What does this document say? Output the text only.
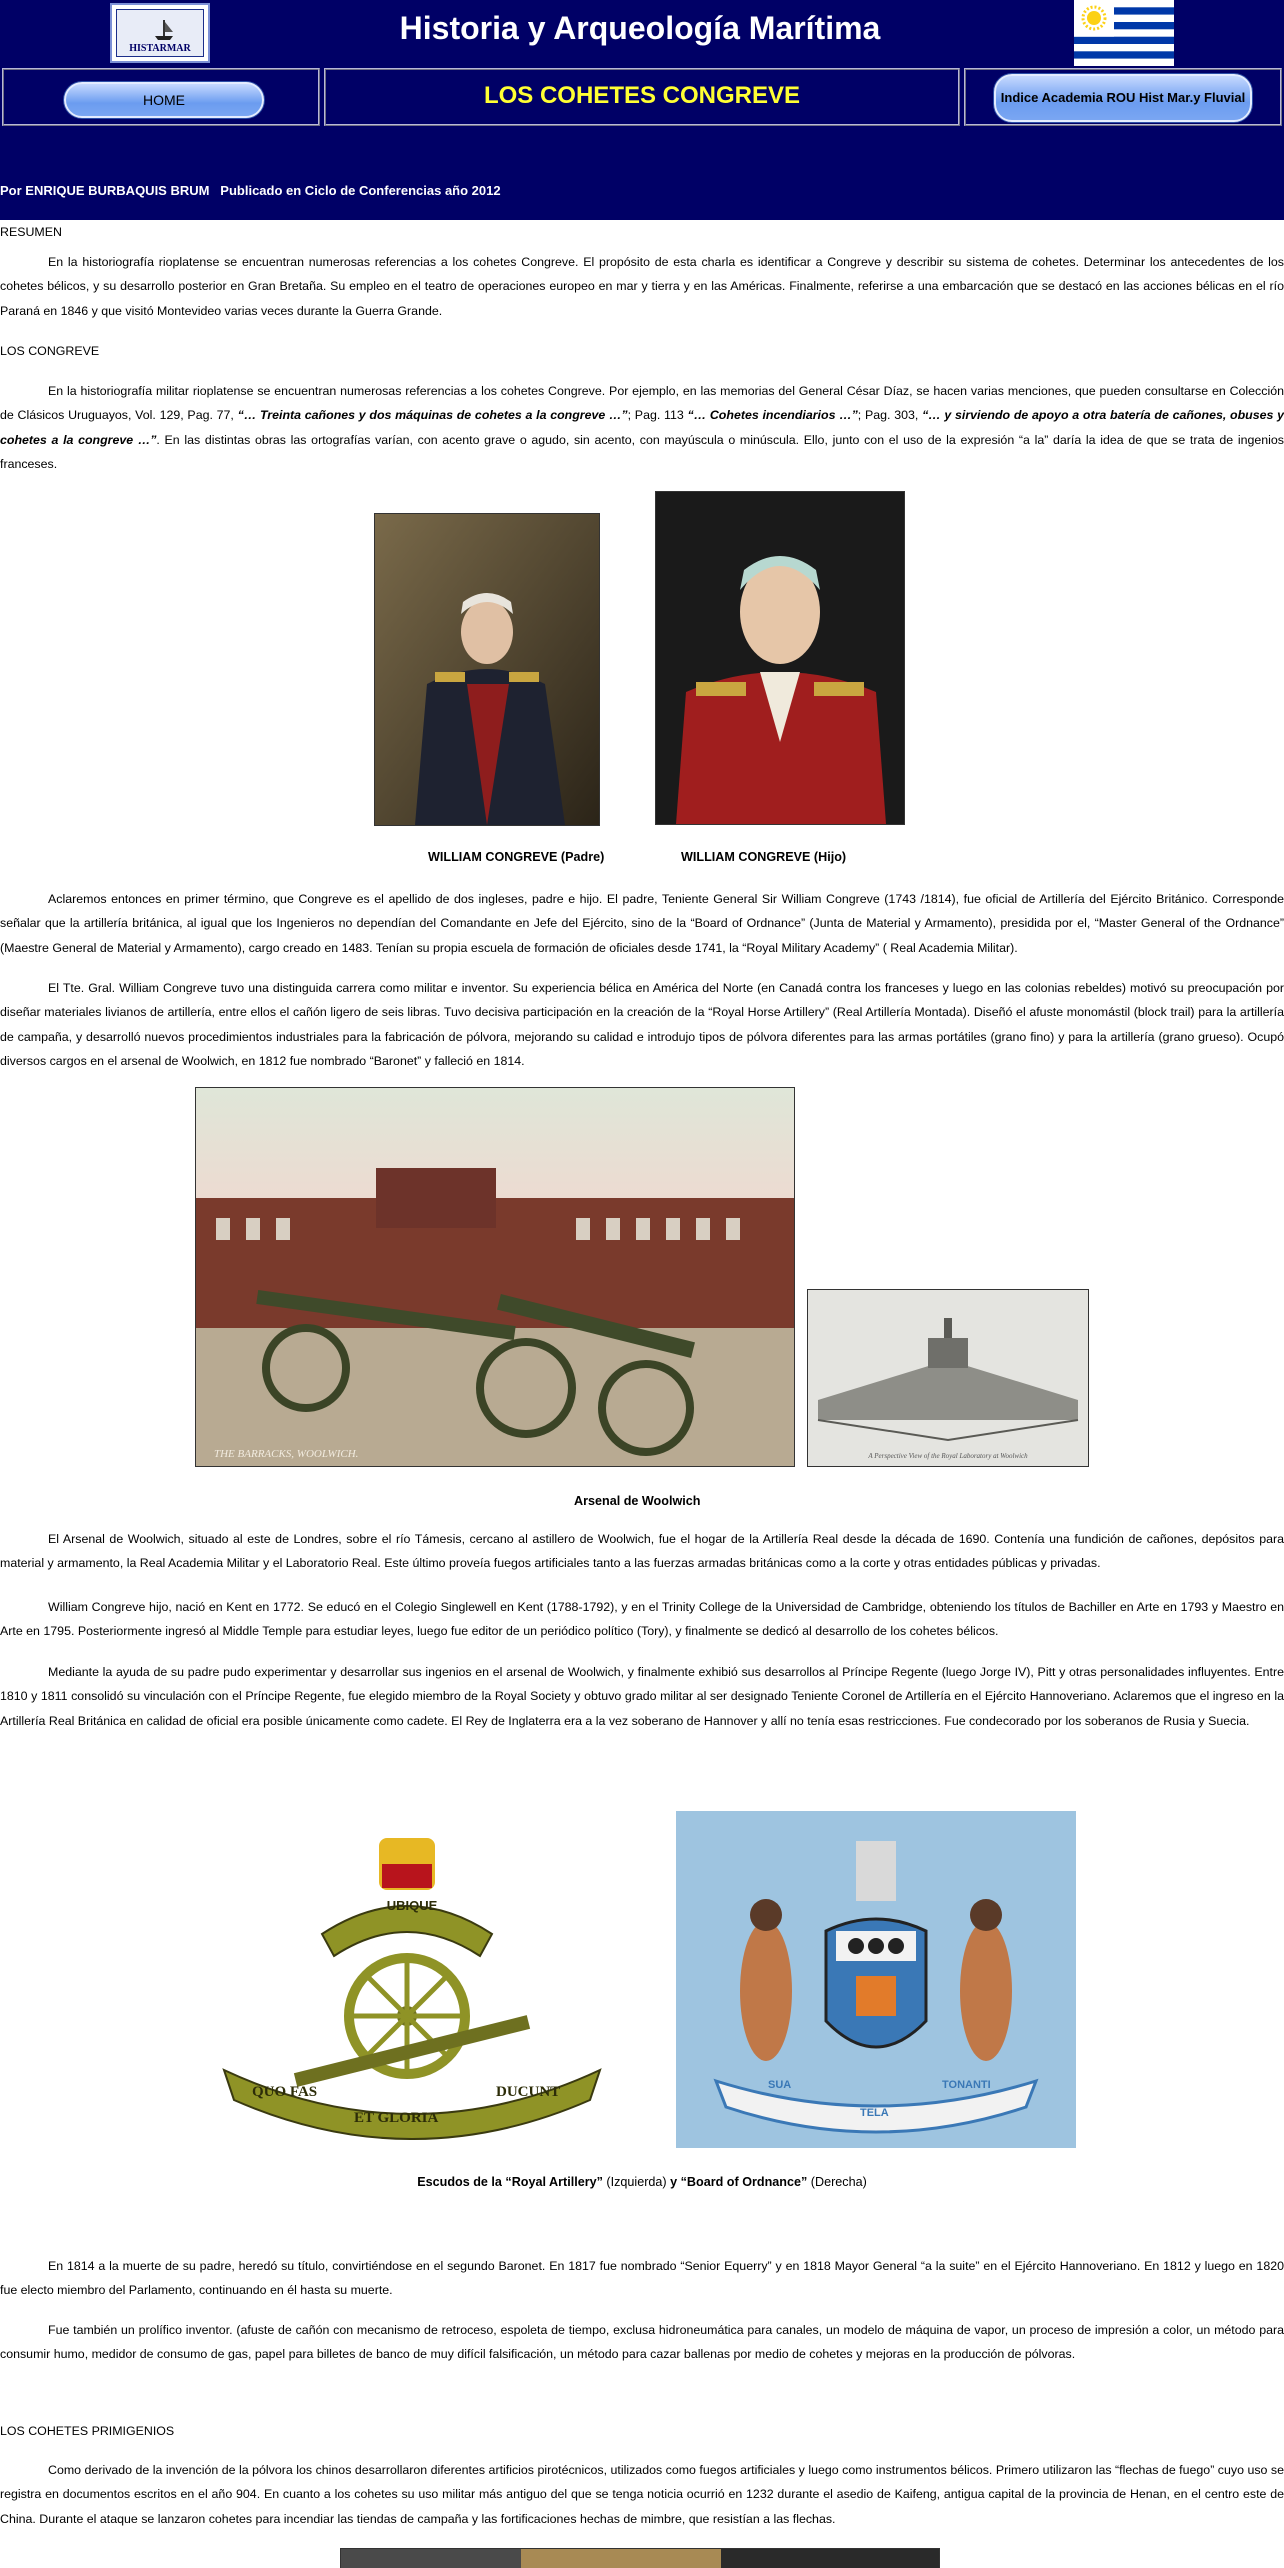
HISTARMAR
Historia y Arqueología Marítima
HOME	LOS COHETES CONGREVE	Indice Academia ROU Hist Mar.y Fluvial
Por ENRIQUE BURBAQUIS BRUM   Publicado en Ciclo de Conferencias año 2012
RESUMEN

En la historiografía rioplatense se encuentran numerosas referencias a los cohetes Congreve. El propósito de esta charla es identificar a Congreve y describir su sistema de cohetes. Determinar los antecedentes de los cohetes bélicos, y su desarrollo posterior en Gran Bretaña. Su empleo en el teatro de operaciones europeo en mar y tierra y en las Américas. Finalmente, referirse a una embarcación que se destacó en las acciones bélicas en el río Paraná en 1846 y que visitó Montevideo varias veces durante la Guerra Grande.

LOS CONGREVE

En la historiografía militar rioplatense se encuentran numerosas referencias a los cohetes Congreve. Por ejemplo, en las memorias del General César Díaz, se hacen varias menciones, que pueden consultarse en Colección de Clásicos Uruguayos, Vol. 129, Pag. 77, “… Treinta cañones y dos máquinas de cohetes a la congreve …”; Pag. 113 “… Cohetes incendiarios …”; Pag. 303, “… y sirviendo de apoyo a otra batería de cañones, obuses y cohetes a la congreve …”. En las distintas obras las ortografías varían, con acento grave o agudo, sin acento, con mayúscula o minúscula. Ello, junto con el uso de la expresión “a la” daría la idea de que se trata de ingenios franceses.

WILLIAM CONGREVE (Padre)	WILLIAM CONGREVE (Hijo)

Aclaremos entonces en primer término, que Congreve es el apellido de dos ingleses, padre e hijo. El padre, Teniente General Sir William Congreve (1743 /1814), fue oficial de Artillería del Ejército Británico. Corresponde señalar que la artillería británica, al igual que los Ingenieros no dependían del Comandante en Jefe del Ejército, sino de la “Board of Ordnance” (Junta de Material y Armamento), presidida por el, “Master General of the Ordnance” (Maestre General de Material y Armamento), cargo creado en 1483. Tenían su propia escuela de formación de oficiales desde 1741, la “Royal Military Academy” ( Real Academia Militar).

El Tte. Gral. William Congreve tuvo una distinguida carrera como militar e inventor. Su experiencia bélica en América del Norte (en Canadá contra los franceses y luego en las colonias rebeldes) motivó su preocupación por diseñar materiales livianos de artillería, entre ellos el cañón ligero de seis libras. Tuvo decisiva participación en la creación de la “Royal Horse Artillery” (Real Artillería Montada). Diseñó el afuste monomástil (block trail) para la artillería de campaña, y desarrolló nuevos procedimientos industriales para la fabricación de pólvora, mejorando su calidad e introdujo tipos de pólvora diferentes para las armas portátiles (grano fino) y para la artillería (grano grueso). Ocupó diversos cargos en el arsenal de Woolwich, en 1812 fue nombrado “Baronet” y falleció en 1814.

THE BARRACKS, WOOLWICH.	A Perspective View of the Royal Laboratory at Woolwich
Arsenal de Woolwich

El Arsenal de Woolwich, situado al este de Londres, sobre el río Támesis, cercano al astillero de Woolwich, fue el hogar de la Artillería Real desde la década de 1690. Contenía una fundición de cañones, depósitos para material y armamento, la Real Academia Militar y el Laboratorio Real. Este último proveía fuegos artificiales tanto a las fuerzas armadas británicas como a la corte y otras entidades públicas y privadas.

William Congreve hijo, nació en Kent en 1772. Se educó en el Colegio Singlewell en Kent (1788-1792), y en el Trinity College de la Universidad de Cambridge, obteniendo los títulos de Bachiller en Arte en 1793 y Maestro en Arte en 1795. Posteriormente ingresó al Middle Temple para estudiar leyes, luego fue editor de un periódico político (Tory), y finalmente se dedicó al desarrollo de los cohetes bélicos.

Mediante la ayuda de su padre pudo experimentar y desarrollar sus ingenios en el arsenal de Woolwich, y finalmente exhibió sus desarrollos al Príncipe Regente (luego Jorge IV), Pitt y otras personalidades influyentes. Entre 1810 y 1811 consolidó su vinculación con el Príncipe Regente, fue elegido miembro de la Royal Society y obtuvo grado militar al ser designado Teniente Coronel de Artillería en el Ejército Hannoveriano. Aclaremos que el ingreso en la Artillería Real Británica en calidad de oficial era posible únicamente como cadete. El Rey de Inglaterra era a la vez soberano de Hannover y allí no tenía esas restricciones. Fue condecorado por los soberanos de Rusia y Suecia.

UBIQUE
QUO FAS
ET GLORIA
DUCUNT	SUA
TELA
TONANTI
Escudos de la “Royal Artillery” (Izquierda) y “Board of Ordnance” (Derecha)

En 1814 a la muerte de su padre, heredó su título, convirtiéndose en el segundo Baronet. En 1817 fue nombrado “Senior Equerry” y en 1818 Mayor General “a la suite” en el Ejército Hannoveriano. En 1812 y luego en 1820 fue electo miembro del Parlamento, continuando en él hasta su muerte.

Fue también un prolífico inventor. (afuste de cañón con mecanismo de retroceso, espoleta de tiempo, exclusa hidroneumática para canales, un modelo de máquina de vapor, un proceso de impresión a color, un método para consumir humo, medidor de consumo de gas, papel para billetes de banco de muy difícil falsificación, un método para cazar ballenas por medio de cohetes y mejoras en la producción de pólvoras.

LOS COHETES PRIMIGENIOS

Como derivado de la invención de la pólvora los chinos desarrollaron diferentes artificios pirotécnicos, utilizados como fuegos artificiales y luego como instrumentos bélicos. Primero utilizaron las “flechas de fuego” cuyo uso se registra en documentos escritos en el año 904. En cuanto a los cohetes su uso militar más antiguo del que se tenga noticia ocurrió en 1232 durante el asedio de Kaifeng, antigua capital de la provincia de Henan, en el centro este de China. Durante el ataque se lanzaron cohetes para incendiar las tiendas de campaña y las fortificaciones hechas de mimbre, que resistían a las flechas.
